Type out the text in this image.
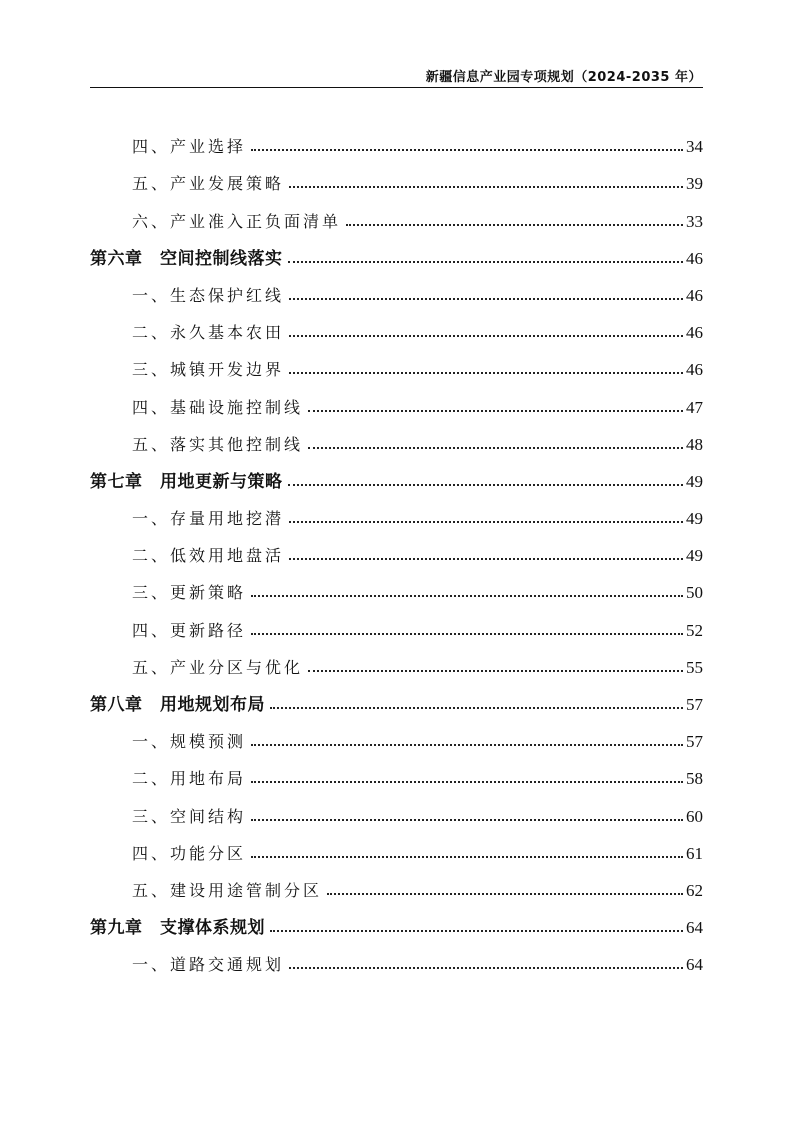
新疆信息产业园专项规划（2024-2035 年）
四、产业选择	34
五、产业发展策略	39
六、产业准入正负面清单	33
第六章　空间控制线落实	46
一、生态保护红线	46
二、永久基本农田	46
三、城镇开发边界	46
四、基础设施控制线	47
五、落实其他控制线	48
第七章　用地更新与策略	49
一、存量用地挖潜	49
二、低效用地盘活	49
三、更新策略	50
四、更新路径	52
五、产业分区与优化	55
第八章　用地规划布局	57
一、规模预测	57
二、用地布局	58
三、空间结构	60
四、功能分区	61
五、建设用途管制分区	62
第九章　支撑体系规划	64
一、道路交通规划	64
